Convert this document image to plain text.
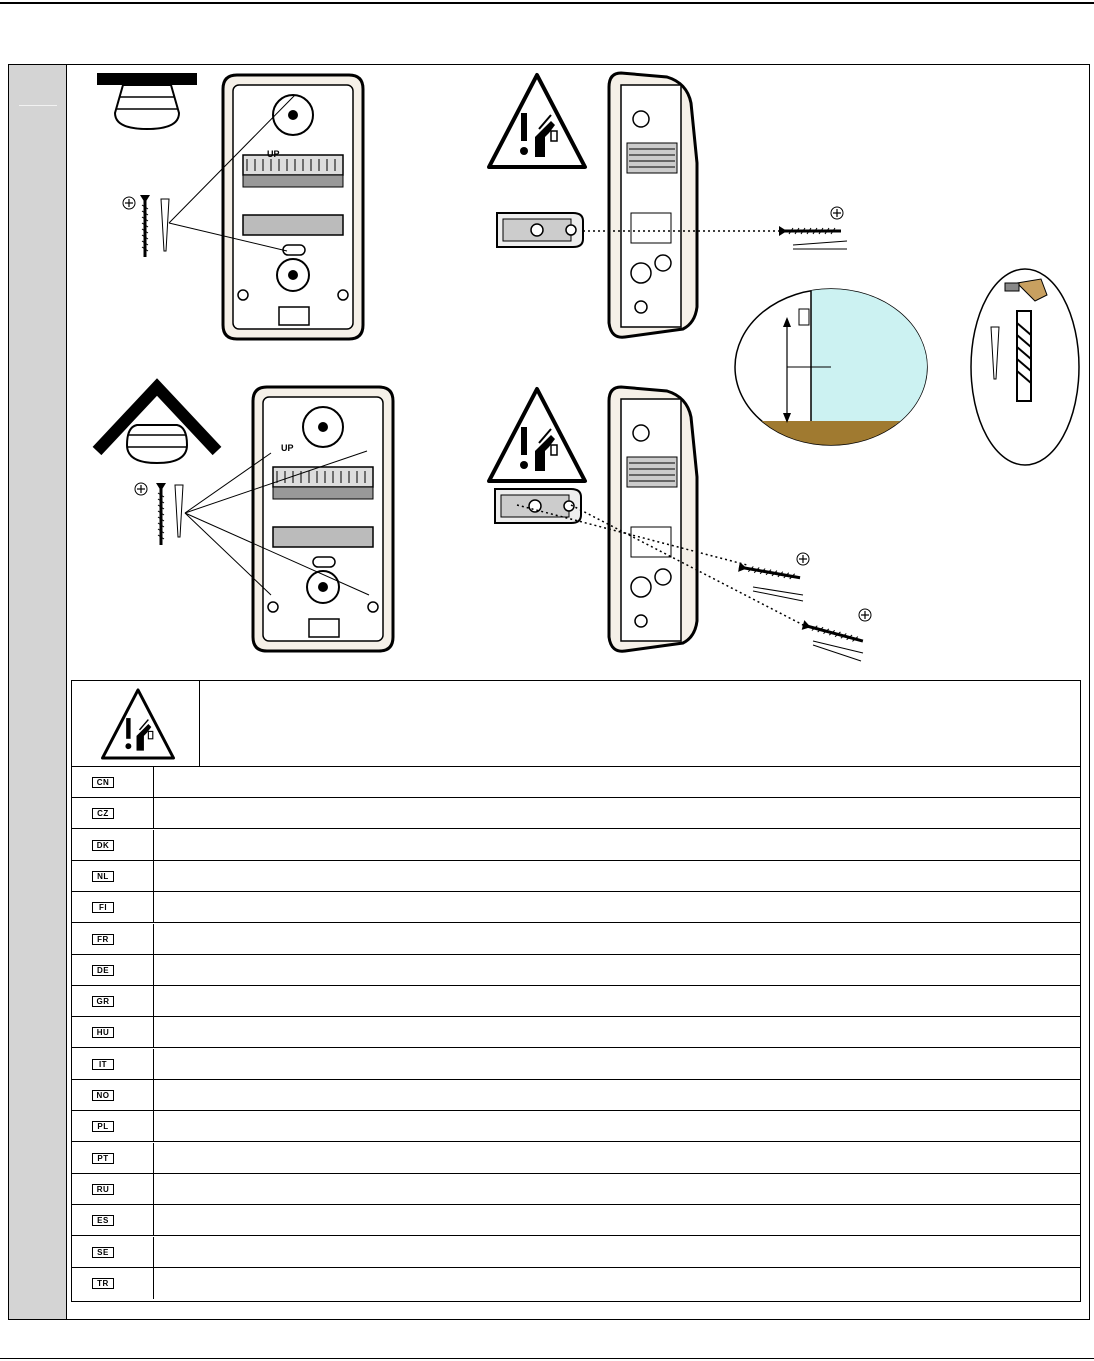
UP
UP
CN
CZ
DK
NL
FI
FR
DE
GR
HU
IT
NO
PL
PT
RU
ES
SE
TR
